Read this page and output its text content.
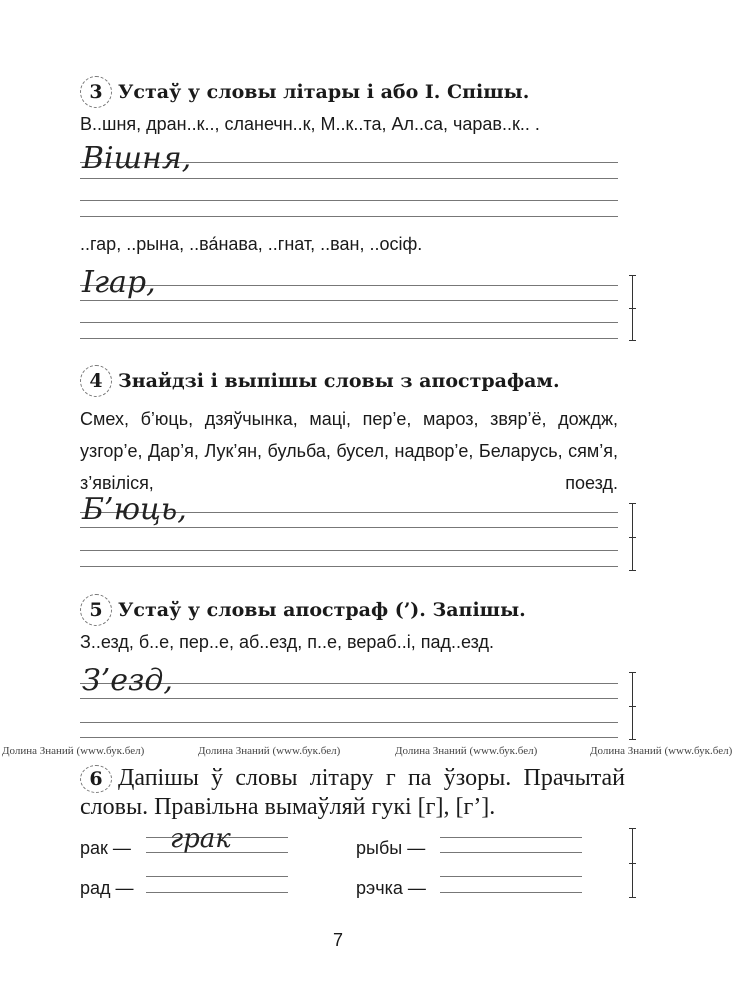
3 Устаў у словы літары і або І. Спішы.
В..шня, дран..к.., сланечн..к, М..к..та, Ал..са, чарав..к.. .
Вішня,
..гар, ..рына, ..ва́нава, ..гнат, ..ван, ..осіф.
Ігар,
4 Знайдзі і выпішы словы з апострафам.
Смех, б’юць, дзяўчынка, маці, пер’е, мароз, звяр’ё, дождж, узгор’е, Дар’я, Лук’ян, бульба, бусел, надвор’е, Беларусь, сям’я, з’явіліся, поезд.
Б’юць,
5 Устаў у словы апостраф (’). Запішы.
З..езд, б..е, пер..е, аб..езд, п..е, вераб..і, пад..езд.
З’езд,
Долина Знаний (www.бук.бел)	Долина Знаний (www.бук.бел)	Долина Знаний (www.бук.бел)	Долина Знаний (www.бук.бел)
6 Дапішы ў словы літару г па ўзоры. Прачытай словы. Правільна вымаўляй гукі [г], [г’].
рак — грак	рыбы —
рад —	рэчка —
7
